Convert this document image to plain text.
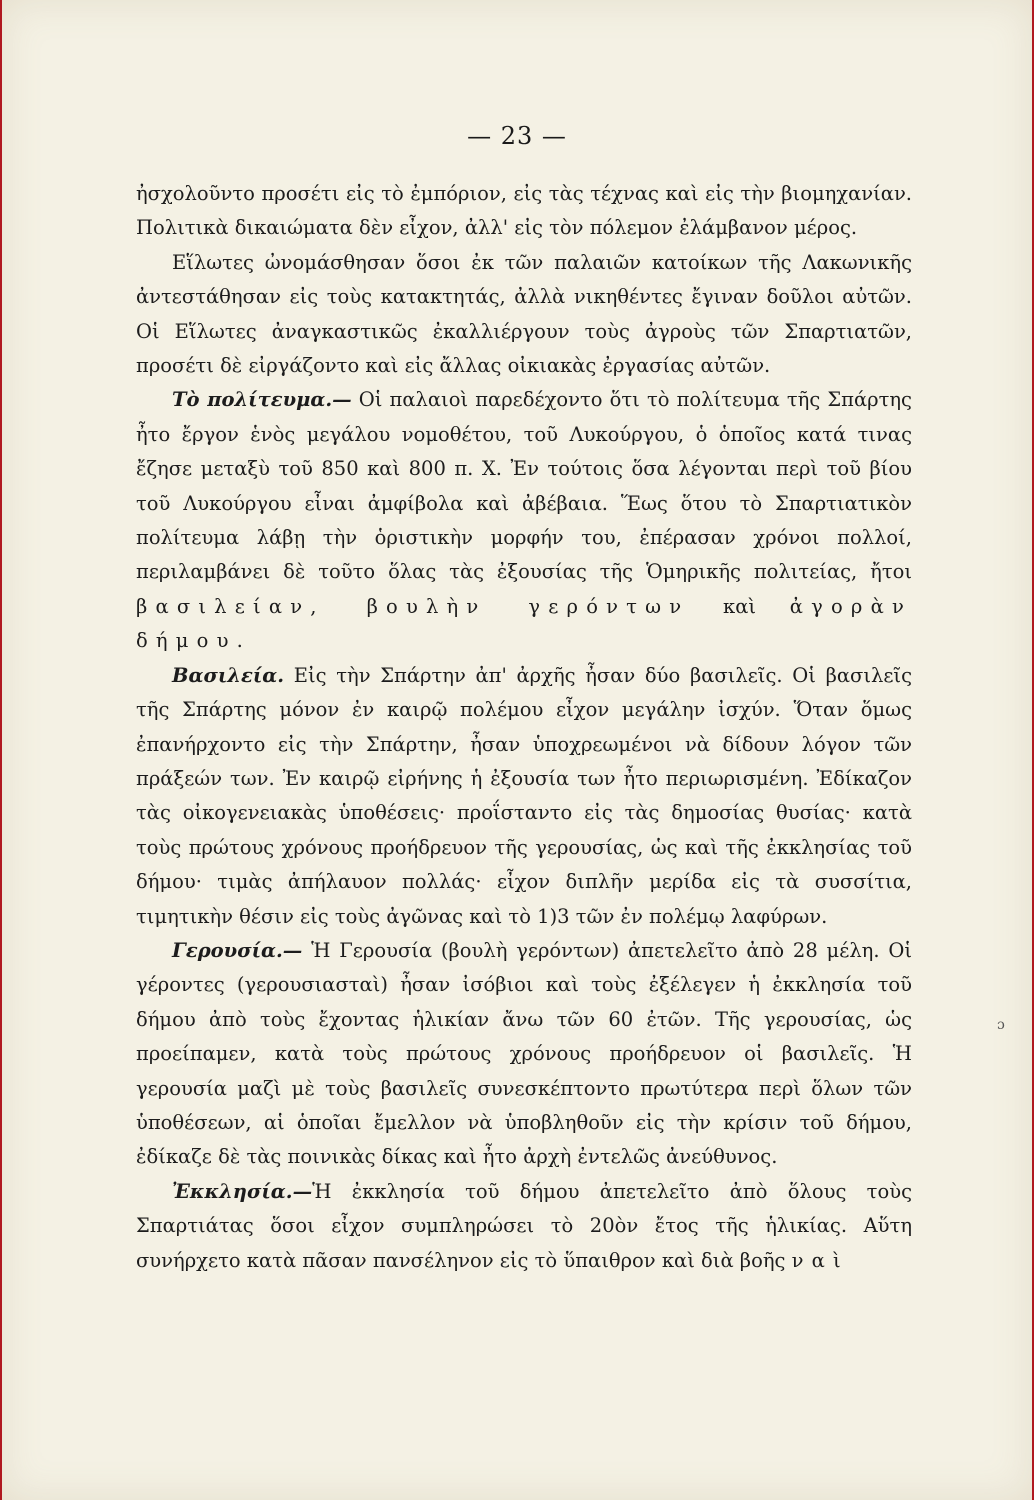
— 23 —

ἠσχολοῦντο προσέτι εἰς τὸ ἐμπόριον, εἰς τὰς τέχνας καὶ εἰς τὴν βιομηχανίαν. Πολιτικὰ δικαιώματα δὲν εἶχον, ἀλλ' εἰς τὸν πόλεμον ἐλάμβανον μέρος.

Εἵλωτες ὠνομάσθησαν ὅσοι ἐκ τῶν παλαιῶν κατοίκων τῆς Λακωνικῆς ἀντεστάθησαν εἰς τοὺς κατακτητάς, ἀλλὰ νικηθέντες ἔγιναν δοῦλοι αὐτῶν. Οἱ Εἵλωτες ἀναγκαστικῶς ἐκαλλιέργουν τοὺς ἀγροὺς τῶν Σπαρτιατῶν, προσέτι δὲ εἰργάζοντο καὶ εἰς ἄλλας οἰκιακὰς ἐργασίας αὐτῶν.

Τὸ πολίτευμα.— Οἱ παλαιοὶ παρεδέχοντο ὅτι τὸ πολίτευμα τῆς Σπάρτης ἦτο ἔργον ἑνὸς μεγάλου νομοθέτου, τοῦ Λυκούργου, ὁ ὁποῖος κατά τινας ἔζησε μεταξὺ τοῦ 850 καὶ 800 π. Χ. Ἐν τούτοις ὅσα λέγονται περὶ τοῦ βίου τοῦ Λυκούργου εἶναι ἀμφίβολα καὶ ἀβέβαια. Ἕως ὅτου τὸ Σπαρτιατικὸν πολίτευμα λάβῃ τὴν ὁριστικὴν μορφήν του, ἐπέρασαν χρόνοι πολλοί, περιλαμβάνει δὲ τοῦτο ὅλας τὰς ἐξουσίας τῆς Ὁμηρικῆς πολιτείας, ἤτοι βασιλείαν, βουλὴν γερόντων καὶ ἀγορὰν δήμου.

Βασιλεία. Εἰς τὴν Σπάρτην ἀπ' ἀρχῆς ἦσαν δύο βασιλεῖς. Οἱ βασιλεῖς τῆς Σπάρτης μόνον ἐν καιρῷ πολέμου εἶχον μεγάλην ἰσχύν. Ὅταν ὅμως ἐπανήρχοντο εἰς τὴν Σπάρτην, ἦσαν ὑποχρεωμένοι νὰ δίδουν λόγον τῶν πράξεών των. Ἐν καιρῷ εἰρήνης ἡ ἐξουσία των ἦτο περιωρισμένη. Ἐδίκαζον τὰς οἰκογενειακὰς ὑποθέσεις· προΐσταντο εἰς τὰς δημοσίας θυσίας· κατὰ τοὺς πρώτους χρόνους προήδρευον τῆς γερουσίας, ὡς καὶ τῆς ἐκκλησίας τοῦ δήμου· τιμὰς ἀπήλαυον πολλάς· εἶχον διπλῆν μερίδα εἰς τὰ συσσίτια, τιμητικὴν θέσιν εἰς τοὺς ἀγῶνας καὶ τὸ 1)3 τῶν ἐν πολέμῳ λαφύρων.

Γερουσία.— Ἡ Γερουσία (βουλὴ γερόντων) ἀπετελεῖτο ἀπὸ 28 μέλη. Οἱ γέροντες (γερουσιασταὶ) ἦσαν ἰσόβιοι καὶ τοὺς ἐξέλεγεν ἡ ἐκκλησία τοῦ δήμου ἀπὸ τοὺς ἔχοντας ἡλικίαν ἄνω τῶν 60 ἐτῶν. Τῆς γερουσίας, ὡς προείπαμεν, κατὰ τοὺς πρώτους χρόνους προήδρευον οἱ βασιλεῖς. Ἡ γερουσία μαζὶ μὲ τοὺς βασιλεῖς συνεσκέπτοντο πρωτύτερα περὶ ὅλων τῶν ὑποθέσεων, αἱ ὁποῖαι ἔμελλον νὰ ὑποβληθοῦν εἰς τὴν κρίσιν τοῦ δήμου, ἐδίκαζε δὲ τὰς ποινικὰς δίκας καὶ ἦτο ἀρχὴ ἐντελῶς ἀνεύθυνος.

Ἐκκλησία.—Ἡ ἐκκλησία τοῦ δήμου ἀπετελεῖτο ἀπὸ ὅλους τοὺς Σπαρτιάτας ὅσοι εἶχον συμπληρώσει τὸ 20ὸν ἔτος τῆς ἡλικίας. Αὕτη συνήρχετο κατὰ πᾶσαν πανσέληνον εἰς τὸ ὕπαιθρον καὶ διὰ βοῆς ναὶ

ɔ
